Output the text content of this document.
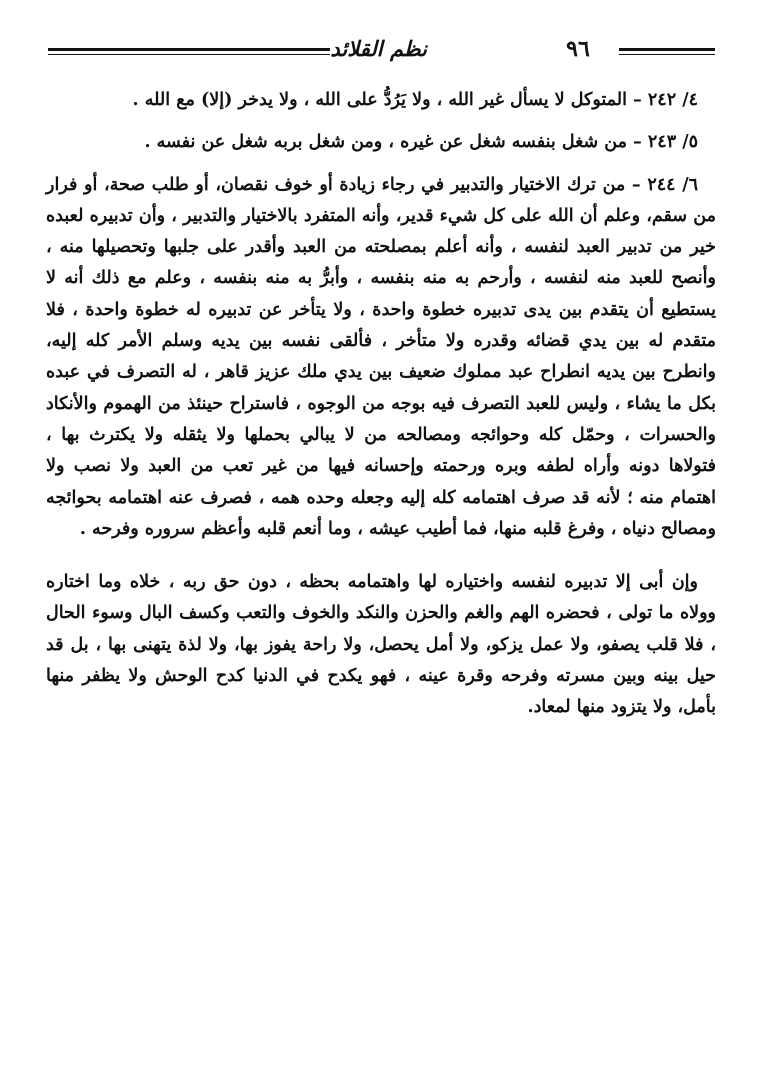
نظم القلائد	٩٦

٤/ ٢٤٢ – المتوكل لا يسأل غير الله ، ولا يَرُدُّ على الله ، ولا يدخر (إلا) مع الله .

٥/ ٢٤٣ – من شغل بنفسه شغل عن غيره ، ومن شغل بربه شغل عن نفسه .

٦/ ٢٤٤ – من ترك الاختيار والتدبير في رجاء زيادة أو خوف نقصان، أو طلب صحة، أو فرار من سقم، وعلم أن الله على كل شيء قدير، وأنه المتفرد بالاختيار والتدبير ، وأن تدبيره لعبده خير من تدبير العبد لنفسه ، وأنه أعلم بمصلحته من العبد وأقدر على جلبها وتحصيلها منه ، وأنصح للعبد منه لنفسه ، وأرحم به منه بنفسه ، وأبرُّ به منه بنفسه ، وعلم مع ذلك أنه لا يستطيع أن يتقدم بين يدى تدبيره خطوة واحدة ، ولا يتأخر عن تدبيره له خطوة واحدة ، فلا متقدم له بين يدي قضائه وقدره ولا متأخر ، فألقى نفسه بين يديه وسلم الأمر كله إليه، وانطرح بين يديه انطراح عبد مملوك ضعيف بين يدي ملك عزيز قاهر ، له التصرف في عبده بكل ما يشاء ، وليس للعبد التصرف فيه بوجه من الوجوه ، فاستراح حينئذ من الهموم والأنكاد والحسرات ، وحمّل كله وحوائجه ومصالحه من لا يبالي بحملها ولا يثقله ولا يكترث بها ، فتولاها دونه وأراه لطفه وبره ورحمته وإحسانه فيها من غير تعب من العبد ولا نصب ولا اهتمام منه ؛ لأنه قد صرف اهتمامه كله إليه وجعله وحده همه ، فصرف عنه اهتمامه بحوائجه ومصالح دنياه ، وفرغ قلبه منها، فما أطيب عيشه ، وما أنعم قلبه وأعظم سروره وفرحه .

وإن أبى إلا تدبيره لنفسه واختياره لها واهتمامه بحظه ، دون حق ربه ، خلاه وما اختاره وولاه ما تولى ، فحضره الهم والغم والحزن والنكد والخوف والتعب وكسف البال وسوء الحال ، فلا قلب يصفو، ولا عمل يزكو، ولا أمل يحصل، ولا راحة يفوز بها، ولا لذة يتهنى بها ، بل قد حيل بينه وبين مسرته وفرحه وقرة عينه ، فهو يكدح في الدنيا كدح الوحش ولا يظفر منها بأمل، ولا يتزود منها لمعاد.
